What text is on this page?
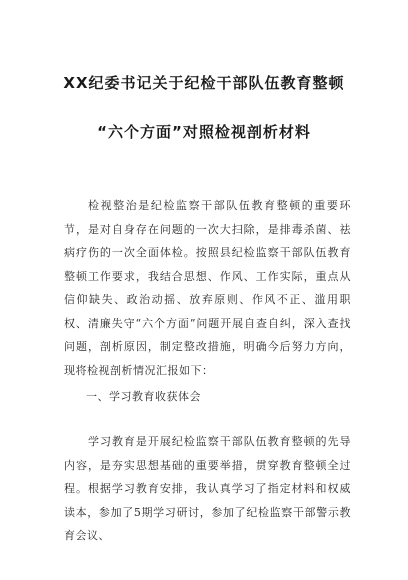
XX纪委书记关于纪检干部队伍教育整顿
“六个方面”对照检视剖析材料

检视整治是纪检监察干部队伍教育整顿的重要环节，是对自身存在问题的一次大扫除，是排毒杀菌、祛病疗伤的一次全面体检。按照县纪检监察干部队伍教育整顿工作要求，我结合思想、作风、工作实际，重点从信仰缺失、政治动摇、放弃原则、作风不正、滥用职权、清廉失守“六个方面”问题开展自查自纠，深入查找问题，剖析原因，制定整改措施，明确今后努力方向，现将检视剖析情况汇报如下：

一、学习教育收获体会

学习教育是开展纪检监察干部队伍教育整顿的先导内容，是夯实思想基础的重要举措，贯穿教育整顿全过程。根据学习教育安排，我认真学习了指定材料和权威读本，参加了5期学习研讨，参加了纪检监察干部警示教育会议、
